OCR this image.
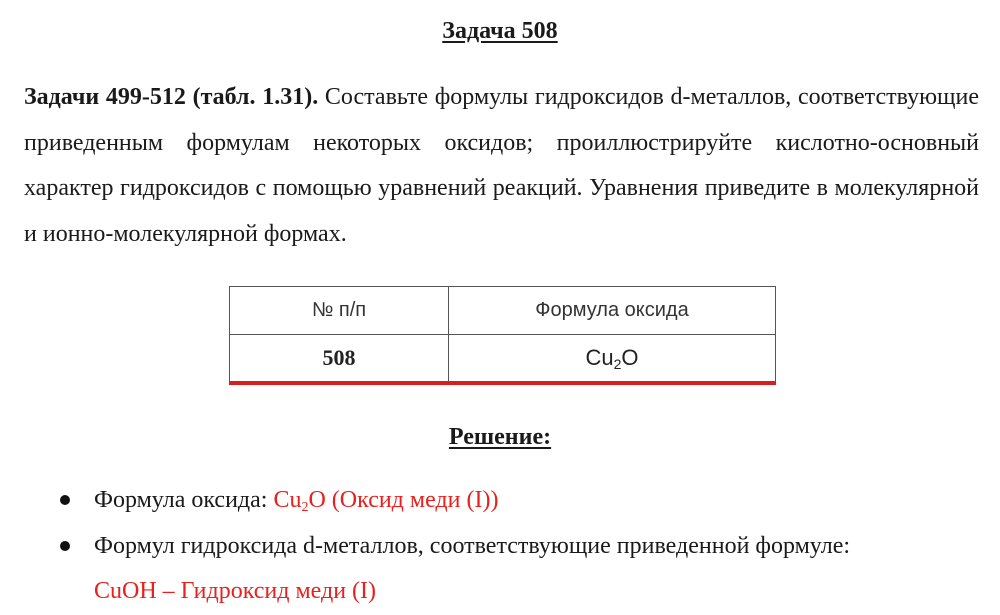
Задача 508

Задачи 499-512 (табл. 1.31). Составьте формулы гидроксидов d-металлов, соответствующие приведенным формулам некоторых оксидов; проиллюстрируйте кислотно-основный характер гидроксидов с помощью уравнений реакций. Уравнения приведите в молекулярной и ионно-молекулярной формах.

№ п/п	Формула оксида
508	$Cu_2O$
Решение:
Формула оксида: $Cu_2O$ (Оксид меди (I))
Формул гидроксида d-металлов, соответствующие приведенной формуле:
CuOH – Гидроксид меди (I)
